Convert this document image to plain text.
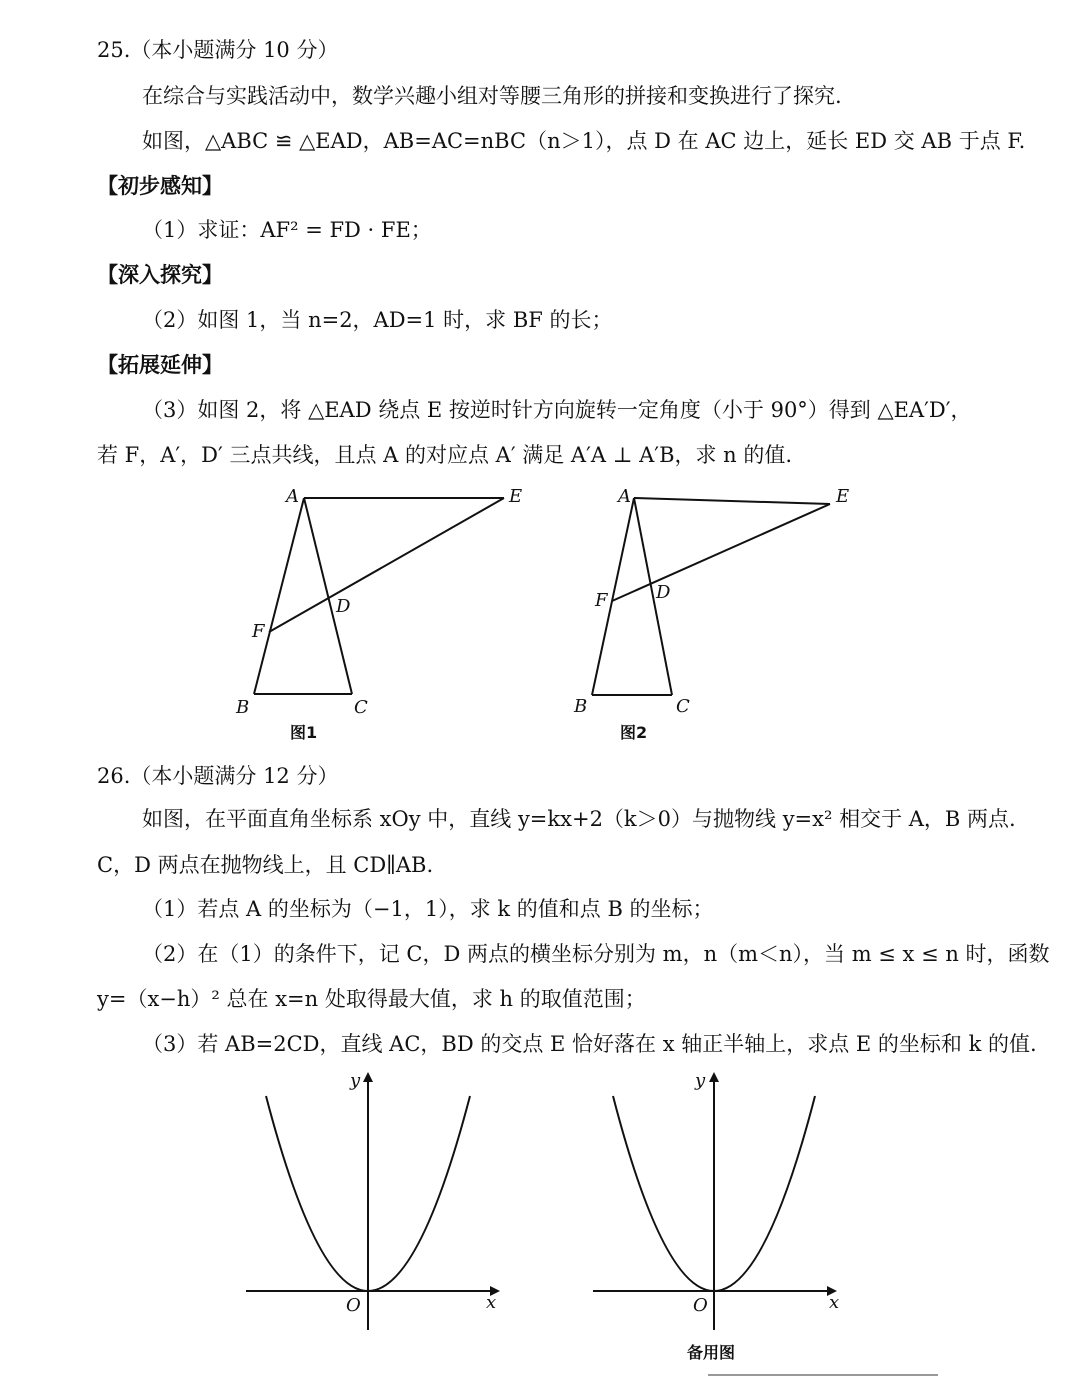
25.（本小题满分 10 分）
在综合与实践活动中，数学兴趣小组对等腰三角形的拼接和变换进行了探究.
如图，△ABC ≌ △EAD，AB=AC=nBC（n＞1），点 D 在 AC 边上，延长 ED 交 AB 于点 F.
【初步感知】
（1）求证：AF² = FD · FE；
【深入探究】
（2）如图 1，当 n=2，AD=1 时，求 BF 的长；
【拓展延伸】
（3）如图 2，将 △EAD 绕点 E 按逆时针方向旋转一定角度（小于 90°）得到 △EA′D′，
若 F，A′，D′ 三点共线，且点 A 的对应点 A′ 满足 A′A ⊥ A′B，求 n 的值.
A	E
D
F
B	C
图1
A	E
D
F
B	C
图2
26.（本小题满分 12 分）
如图，在平面直角坐标系 xOy 中，直线 y=kx+2（k＞0）与抛物线 y=x² 相交于 A，B 两点.
C，D 两点在抛物线上，且 CD∥AB.
（1）若点 A 的坐标为（−1，1），求 k 的值和点 B 的坐标；
（2）在（1）的条件下，记 C，D 两点的横坐标分别为 m，n（m＜n），当 m ≤ x ≤ n 时，函数
y=（x−h）² 总在 x=n 处取得最大值，求 h 的取值范围；
（3）若 AB=2CD，直线 AC，BD 的交点 E 恰好落在 x 轴正半轴上，求点 E 的坐标和 k 的值.
x
y
O	x
y
O
备用图
